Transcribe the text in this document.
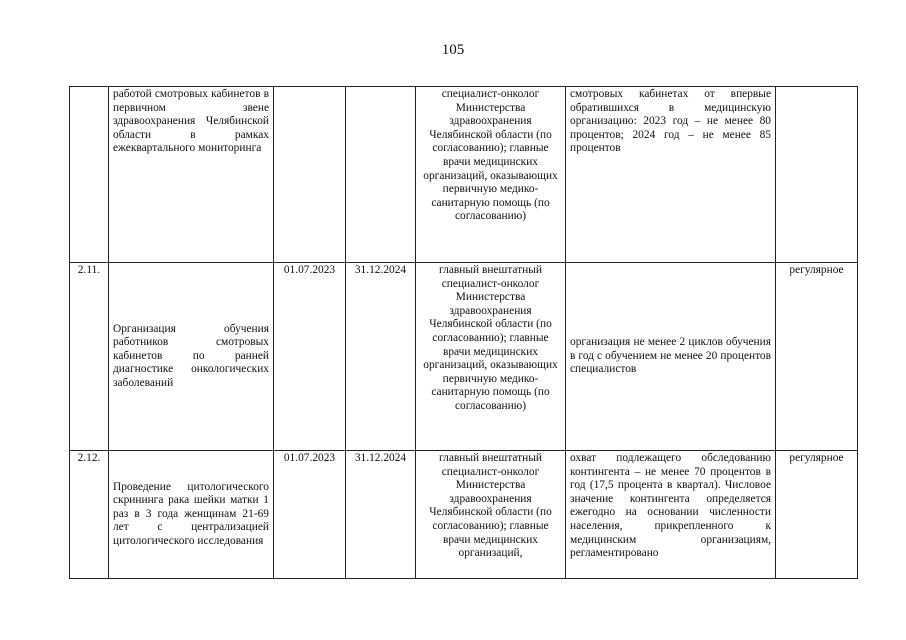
105
	работой смотровых кабинетов в первичном звене здравоохранения Челябинской области в рамках ежеквартального мониторинга			специалист-онколог Министерства здравоохранения Челябинской области (по согласованию); главные врачи медицинских организаций, оказывающих первичную медико-санитарную помощь (по согласованию)	смотровых кабинетах от впервые обратившихся в медицинскую организацию: 2023 год – не менее 80 процентов; 2024 год – не менее 85 процентов	
2.11.	Организация обучения работников смотровых кабинетов по ранней диагностике онкологических заболеваний	01.07.2023	31.12.2024	главный внештатный специалист-онколог Министерства здравоохранения Челябинской области (по согласованию); главные врачи медицинских организаций, оказывающих первичную медико-санитарную помощь (по согласованию)	организация не менее 2 циклов обучения в год с обучением не менее 20 процентов специалистов	регулярное
2.12.	Проведение цитологического скрининга рака шейки матки 1 раз в 3 года женщинам 21-69 лет с централизацией цитологического исследования	01.07.2023	31.12.2024	главный внештатный специалист-онколог Министерства здравоохранения Челябинской области (по согласованию); главные врачи медицинских организаций,	охват подлежащего обследованию контингента – не менее 70 процентов в год (17,5 процента в квартал). Числовое значение контингента определяется ежегодно на основании численности населения, прикрепленного к медицинским организациям, регламентировано	регулярное
